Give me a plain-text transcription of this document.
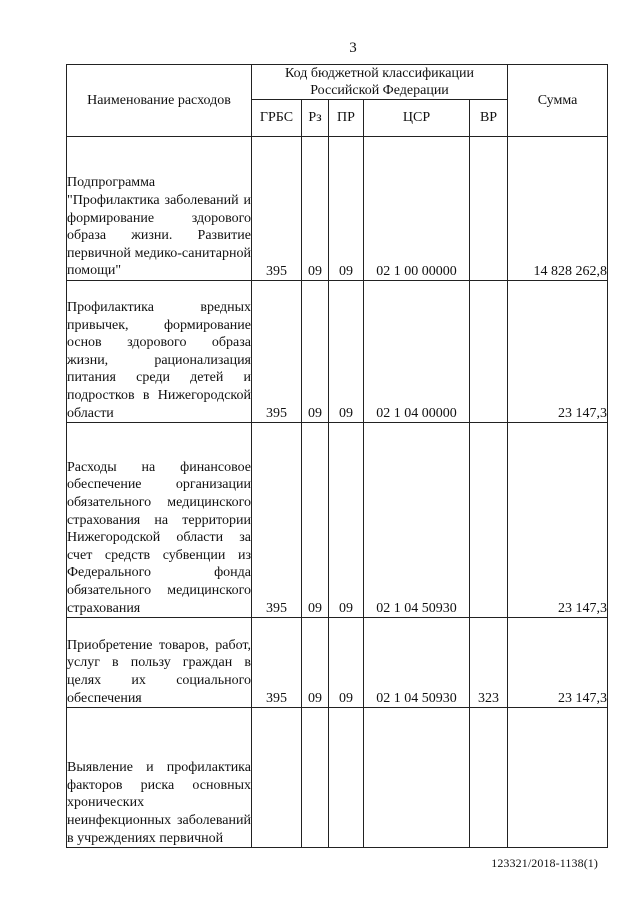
3
Наименование расходов	Код бюджетной классификации Российской Федерации					Сумма
	ГРБС	Рз	ПР	ЦСР	ВР	
Подпрограмма "Профилактика заболеваний и формирование здорового образа жизни. Развитие первичной медико-санитарной помощи"	395	09	09	02 1 00 00000		14 828 262,8
Профилактика вредных привычек, формирование основ здорового образа жизни, рационализация питания среди детей и подростков в Нижегородской области	395	09	09	02 1 04 00000		23 147,3
Расходы на финансовое обеспечение организации обязательного медицинского страхования на территории Нижегородской области за счет средств субвенции из Федерального фонда обязательного медицинского страхования	395	09	09	02 1 04 50930		23 147,3
Приобретение товаров, работ, услуг в пользу граждан в целях их социального обеспечения	395	09	09	02 1 04 50930	323	23 147,3
Выявление и профилактика факторов риска основных хронических неинфекционных заболеваний в учреждениях первичной						
123321/2018-1138(1)
